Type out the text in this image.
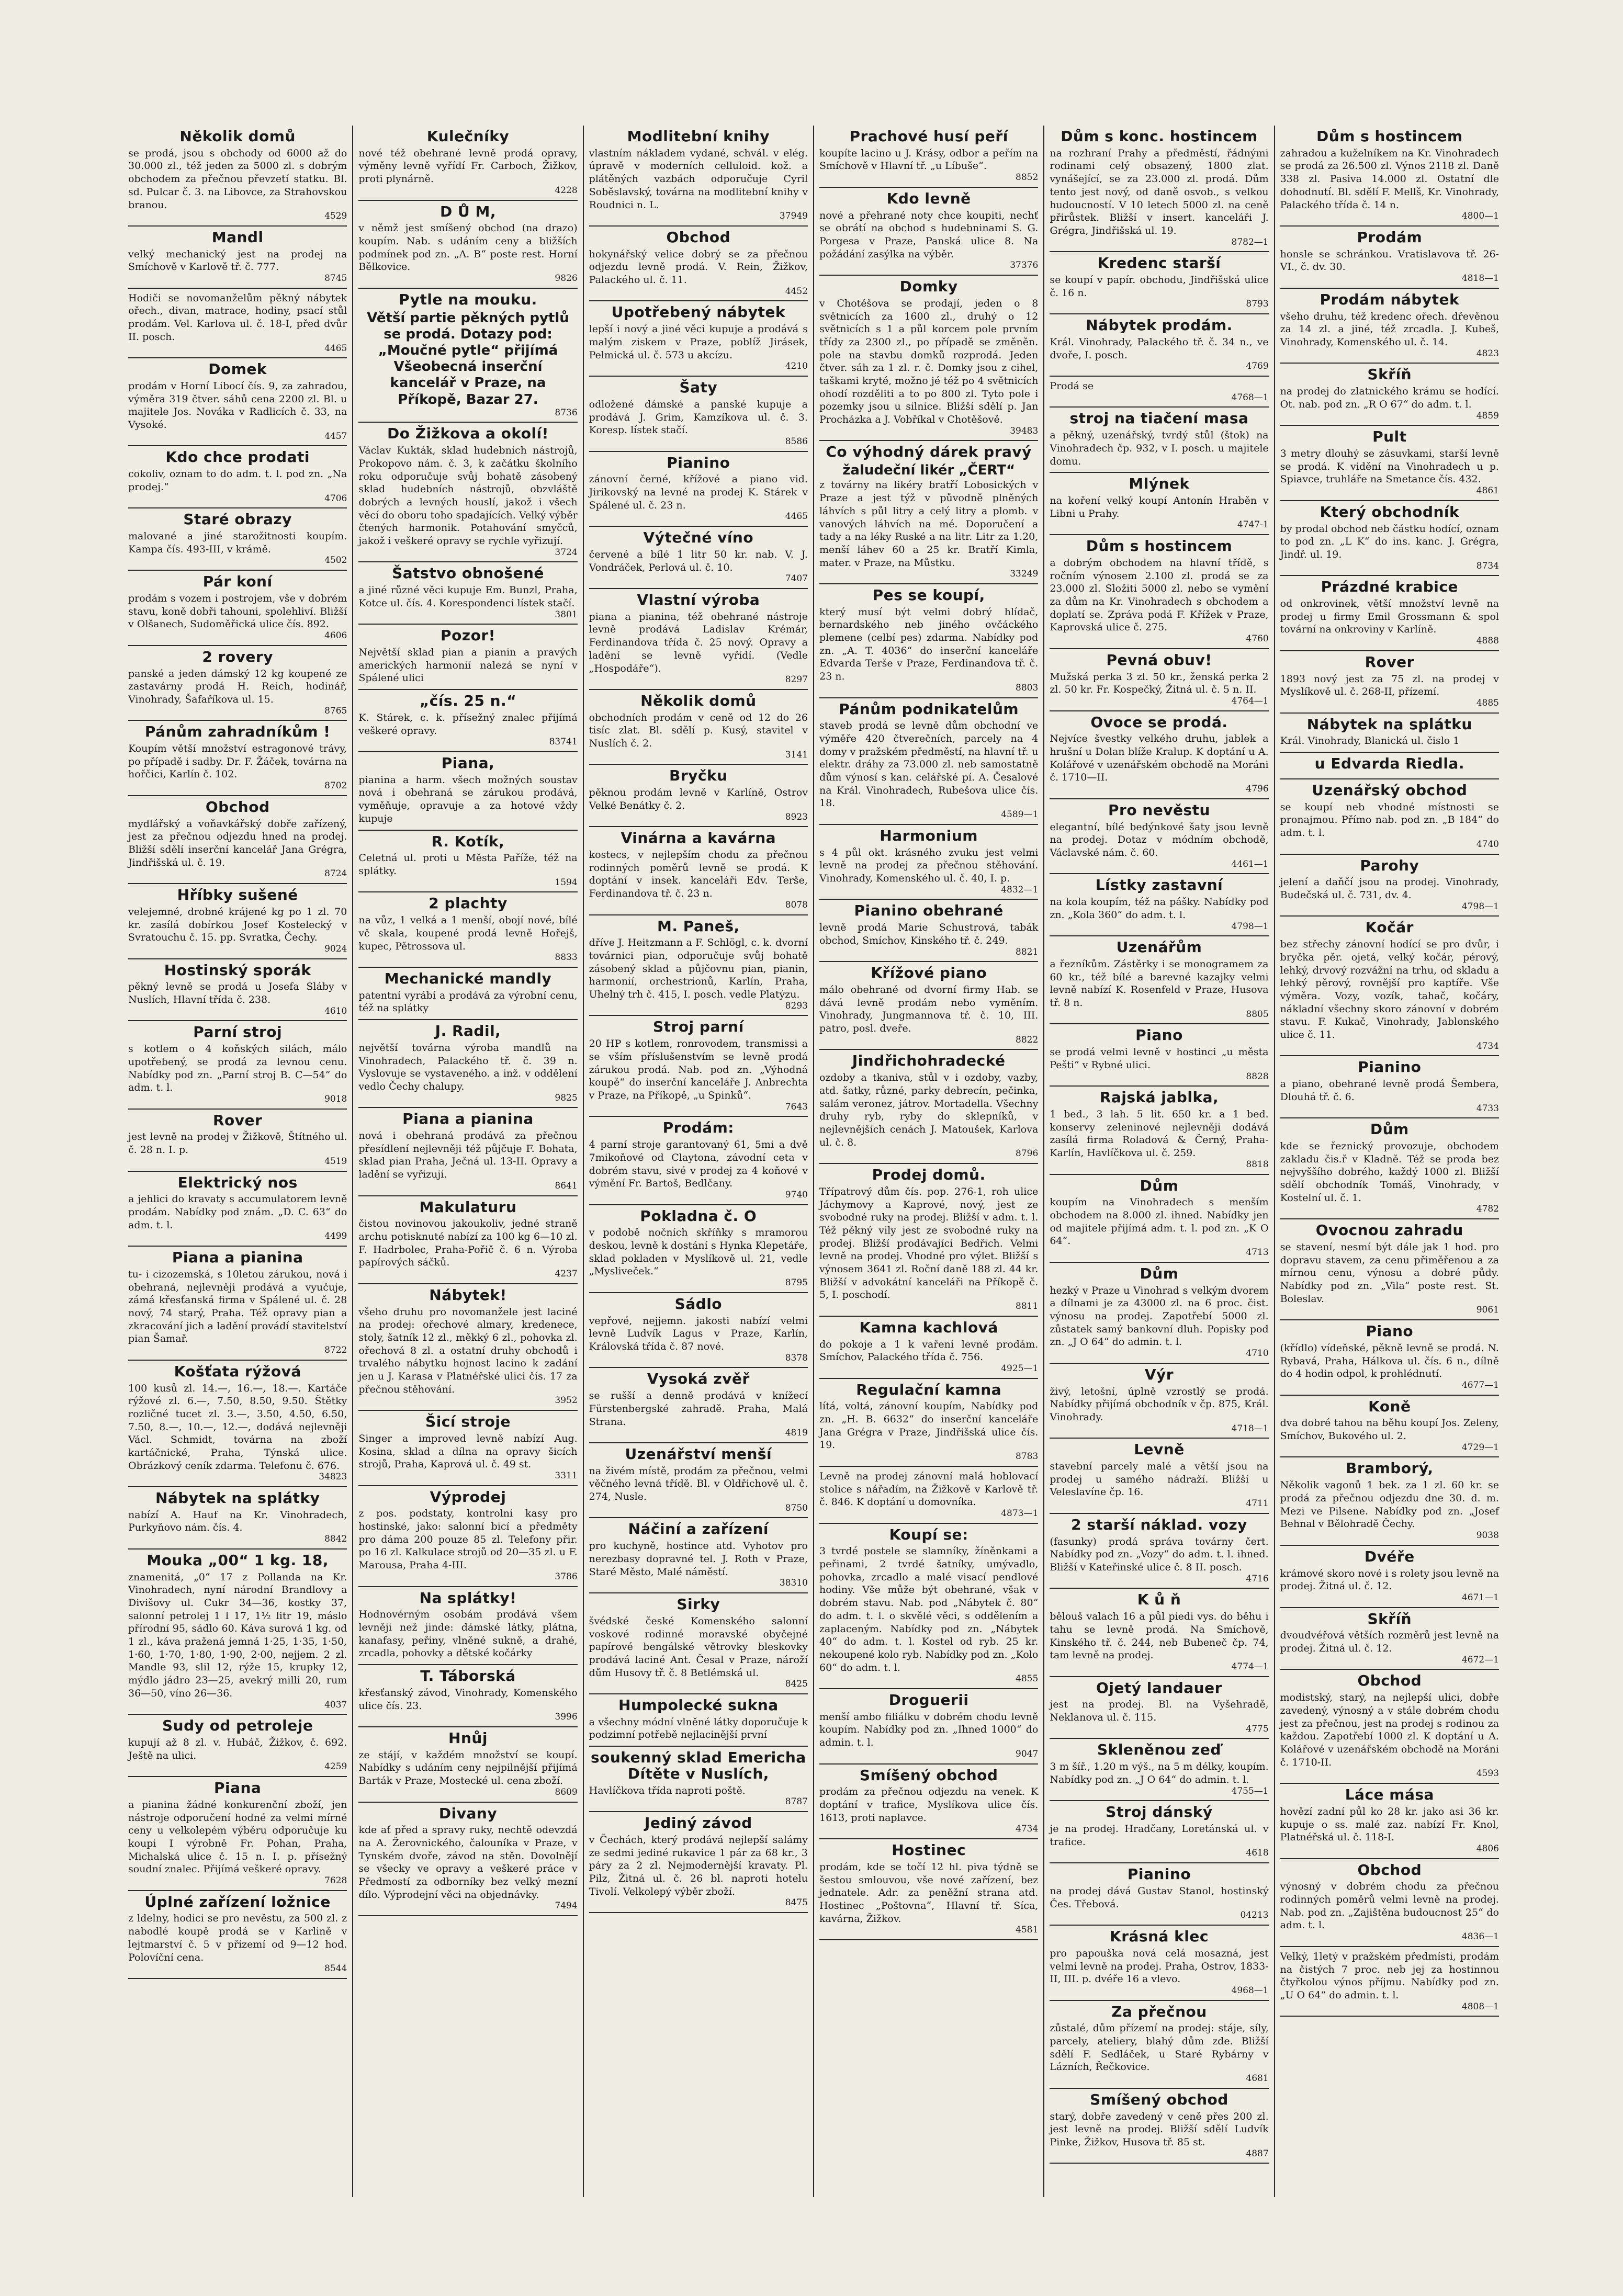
Několik domů

se prodá, jsou s obchody od 6000 až do 30.000 zl., též jeden za 5000 zl. s dobrým obchodem za přečnou převzetí statku. Bl. sd. Pulcar č. 3. na Libovce, za Strahovskou branou.

4529
Mandl

velký mechanický jest na prodej na Smíchově v Karlově tř. č. 777.

8745

Hodiči se novomanželům pěkný nábytek ořech., divan, matrace, hodiny, psací stůl prodám. Vel. Karlova ul. č. 18-I, před dvůr II. posch.

4465
Domek

prodám v Horní Libocí čís. 9, za zahradou, výměra 319 čtver. sáhů cena 2200 zl. Bl. u majitele Jos. Nováka v Radlicích č. 33, na Vysoké.

4457
Kdo chce prodati

cokoliv, oznam to do adm. t. l. pod zn. „Na prodej.“

4706
Staré obrazy

malované a jiné starožitnosti koupím. Kampa čís. 493-III, v krámě.

4502
Pár koní

prodám s vozem i postrojem, vše v dobrém stavu, koně dobři tahouni, spolehliví. Bližší v Olšanech, Sudoměřická ulice čís. 892.

4606
2 rovery

panské a jeden dámský 12 kg koupené ze zastavárny prodá H. Reich, hodinář, Vinohrady, Šafaříkova ul. 15.

8765
Pánům zahradníkům !

Koupím větší množství estragonové trávy, po případě i sadby. Dr. F. Žáček, továrna na hořčici, Karlín č. 102.

8702
Obchod

mydlářský a voňavkářský dobře zařízený, jest za přečnou odjezdu hned na prodej. Bližší sdělí inserční kancelář Jana Grégra, Jindřišská ul. č. 19.

8724
Hříbky sušené

velejemné, drobné krájené kg po 1 zl. 70 kr. zasílá dobírkou Josef Kostelecký v Svratouchu č. 15. pp. Svratka, Čechy.

9024
Hostinský sporák

pěkný levně se prodá u Josefa Sláby v Nuslích, Hlavní třída č. 238.

4610
Parní stroj

s kotlem o 4 koňských silách, málo upotřebený, se prodá za levnou cenu. Nabídky pod zn. „Parní stroj B. C—54“ do adm. t. l.

9018
Rover

jest levně na prodej v Žižkově, Štítného ul. č. 28 n. I. p.

4519
Elektrický nos

a jehlici do kravaty s accumulatorem levně prodám. Nabídky pod znám. „D. C. 63“ do adm. t. l.

4499
Piana a pianina

tu- i cizozemská, s 10letou zárukou, nová i obehraná, nejlevněji prodává a vyučuje, zámá křesťanská firma v Spálené ul. č. 28 nový, 74 starý, Praha. Též opravy pian a zkracování jich a ladění provádí stavitelství pian Šamař.

8722
Košťata rýžová

100 kusů zl. 14.—, 16.—, 18.—. Kartáče rýžové zl. 6.—, 7.50, 8.50, 9.50. Štětky rozličné tucet zl. 3.—, 3.50, 4.50, 6.50, 7.50, 8.—, 10.—, 12.—, dodává nejlevněji Václ. Schmidt, továrna na zboží kartáčnické, Praha, Týnská ulice. Obrázkový ceník zdarma. Telefonu č. 676.

34823
Nábytek na splátky

nabízí A. Hauf na Kr. Vinohradech, Purkyňovo nám. čís. 4.

8842
Mouka „00“ 1 kg. 18,

znamenitá, „0“ 17 z Pollanda na Kr. Vinohradech, nyní národní Brandlovy a Divišovy ul. Cukr 34—36, kostky 37, salonní petrolej 1 l 17, 1½ litr 19, máslo přírodní 95, sádlo 60. Káva surová 1 kg. od 1 zl., káva pražená jemná 1·25, 1·35, 1·50, 1·60, 1·70, 1·80, 1·90, 2·00, nejjem. 2 zl. Mandle 93, slil 12, rýže 15, krupky 12, mýdlo jádro 23—25, avekrý milli 20, rum 36—50, víno 26—36.

4037
Sudy od petroleje

kupují až 8 zl. v. Hubáč, Žižkov, č. 692. Ještě na ulici.

4259
Piana

a pianina žádné konkurenční zboží, jen nástroje odporučení hodné za velmi mírné ceny u velkolepém výběru odporučuje ku koupi I výrobně Fr. Pohan, Praha, Michalská ulice č. 15 n. I. p. přísežný soudní znalec. Přijímá veškeré opravy.

7628
Úplné zařízení ložnice

z ldelny, hodici se pro nevěstu, za 500 zl. z nabodlé koupě prodá se v Karlině v lejtmarství č. 5 v přízemí od 9—12 hod. Polovíční cena.

8544
Kulečníky

nové též obehrané levně prodá opravy, výměny levně vyřídí Fr. Carboch, Žižkov, proti plynárně.

4228
D Ů M,

v němž jest smíšený obchod (na drazo) koupím. Nab. s udáním ceny a bližších podmínek pod zn. „A. B“ poste rest. Horní Bělkovice.

9826
Pytle na mouku.

Větší partie pěkných pytlů se prodá. Dotazy pod: „Moučné pytle“ přijímá Všeobecná inserční kancelář v Praze, na Příkopě, Bazar 27.

8736
Do Žižkova a okolí!

Václav Kukták, sklad hudebních nástrojů, Prokopovo nám. č. 3, k začátku školního roku odporučuje svůj bohatě zásobený sklad hudebních nástrojů, obzvláště dobrých a levných houslí, jakož i všech věcí do oboru toho spadajících. Velký výběr čtených harmonik. Potahování smyčců, jakož i veškeré opravy se rychle vyřizují.

3724
Šatstvo obnošené

a jiné různé věci kupuje Em. Bunzl, Praha, Kotce ul. čís. 4. Korespondenci lístek stačí.

3801
Pozor!

Největší sklad pian a pianin a pravých amerických harmonií nalezá se nyní v Spálené ulici

„čís. 25 n.“

K. Stárek, c. k. přísežný znalec přijímá veškeré opravy.

83741
Piana,

pianina a harm. všech možných soustav nová i obehraná se zárukou prodává, vyměňuje, opravuje a za hotové vždy kupuje

R. Kotík,

Celetná ul. proti u Města Paříže, též na splátky.

1594
2 plachty

na vůz, 1 velká a 1 menší, obojí nové, bílé vč skala, koupené prodá levně Hořejš, kupec, Pětrossova ul.

8833
Mechanické mandly

patentní vyrábí a prodává za výrobní cenu, též na splátky

J. Radil,

největší továrna výroba mandlů na Vinohradech, Palackého tř. č. 39 n. Vyslovuje se vystaveného. a inž. v oddělení vedlo Čechy chalupy.

9825
Piana a pianina

nová i obehraná prodává za přečnou přesídlení nejlevněji též půjčuje F. Bohata, sklad pian Praha, Ječná ul. 13-II. Opravy a ladění se vyřizují.

8641
Makulaturu

čistou novinovou jakoukoliv, jedné straně archu potisknuté nabízí za 100 kg 6—10 zl. F. Hadrbolec, Praha-Pořič č. 6 n. Výroba papírových sáčků.

4237
Nábytek!

všeho druhu pro novomanžele jest laciné na prodej: ořechové almary, kredenece, stoly, šatník 12 zl., měkký 6 zl., pohovka zl. ořechová 8 zl. a ostatní druhy obchodů i trvalého nábytku hojnost lacino k zadání jen u J. Karasa v Platnéřské ulici čís. 17 za přečnou stěhování.

3952
Šicí stroje

Singer a improved levně nabízí Aug. Kosina, sklad a dílna na opravy šicích strojů, Praha, Kaprová ul. č. 49 st.

3311
Výprodej

z pos. podstaty, kontrolní kasy pro hostinské, jako: salonní bicí a předměty pro dáma 200 pouze 85 zl. Telefony přir. po 16 zl. Kalkulace strojů od 20—35 zl. u F. Marousa, Praha 4-III.

3786
Na splátky!

Hodnovérným osobám prodává všem levněji než jinde: dámské látky, plátna, kanafasy, peřiny, vlněné sukně, a drahé, zrcadla, pohovky a dětské kočárky

T. Táborská

křesťanský závod, Vinohrady, Komenského ulice čís. 23.

3996
Hnůj

ze stájí, v každém množství se koupí. Nabídky s udáním ceny nejpilnější přijímá Barták v Praze, Mostecké ul. cena zboží.

8609
Divany

kde ať před a spravy ruky, nechtě odevzdá na A. Žerovnického, čalouníka v Praze, v Tynském dvoře, závod na stěn. Dovolnějí se všecky ve opravy a veškeré práce v Předmostí za odborníky bez velký mezní dílo. Výprodejní věci na objednávky.

7494
Modlitební knihy

vlastním nákladem vydané, schvál. v elég. úpravě v moderních celluloid. kož. a plátěných vazbách odporučuje Cyril Soběslavský, továrna na modlitební knihy v Roudnici n. L.

37949
Obchod

hokynářský velice dobrý se za přečnou odjezdu levně prodá. V. Rein, Žižkov, Palackého ul. č. 11.

4452
Upotřebený nábytek

lepší i nový a jiné věci kupuje a prodává s malým ziskem v Praze, poblíž Jirásek, Pelmická ul. č. 573 u akcízu.

4210
Šaty

odložené dámské a panské kupuje a prodává J. Grim, Kamzíkova ul. č. 3. Koresp. lístek stačí.

8586
Pianino

zánovní černé, křížové a piano vid. Jirikovský na levné na prodej K. Stárek v Spálené ul. č. 23 n.

4465
Výtečné víno

červené a bílé 1 litr 50 kr. nab. V. J. Vondráček, Perlová ul. č. 10.

7407
Vlastní výroba

piana a pianina, též obehrané nástroje levně prodává Ladislav Krémár, Ferdinandova třída č. 25 nový. Opravy a ladění se levně vyřídí. (Vedle „Hospodáře“).

8297
Několik domů

obchodních prodám v ceně od 12 do 26 tisíc zlat. Bl. sdělí p. Kusý, stavitel v Nuslích č. 2.

3141
Bryčku

pěknou prodám levně v Karlíně, Ostrov Velké Benátky č. 2.

8923
Vinárna a kavárna

kostecs, v nejlepším chodu za přečnou rodinných poměrů levně se prodá. K doptání v insek. kanceláři Edv. Terše, Ferdinandova tř. č. 23 n.

8078
M. Paneš,

dříve J. Heitzmann a F. Schlögl, c. k. dvorní továrnici pian, odporučuje svůj bohatě zásobený sklad a půjčovnu pian, pianin, harmonií, orchestrionů, Karlín, Praha, Uhelný trh č. 415, I. posch. vedle Platýzu.

8293
Stroj parní

20 HP s kotlem, ronrovodem, transmissi a se vším příslušenstvím se levně prodá zárukou prodá. Nab. pod zn. „Výhodná koupě“ do inserční kanceláře J. Anbrechta v Praze, na Příkopě, „u Spinků“.

7643
Prodám:

4 parní stroje garantovaný 61, 5mi a dvě 7mikoňové od Claytona, závodní ceta v dobrém stavu, sivé v prodej za 4 koňové v výmění Fr. Bartoš, Bedlčany.

9740
Pokladna č. O

v podobě nočních skříňky s mramorou deskou, levně k dostání s Hynka Klepetáře, sklad pokladen v Myslíkově ul. 21, vedle „Mysliveček.“

8795
Sádlo

vepřové, nejjemn. jakosti nabízí velmi levně Ludvík Lagus v Praze, Karlín, Královská třída č. 87 nové.

8378
Vysoká zvěř

se rušší a denně prodává v knížecí Fürstenbergské zahradě. Praha, Malá Strana.

4819
Uzenářství menší

na živém místě, prodám za přečnou, velmi věčného levná třídě. Bl. v Oldřichově ul. č. 274, Nusle.

8750
Náčiní a zařízení

pro kuchyně, hostince atd. Vyhotov pro nerezbasy dopravné tel. J. Roth v Praze, Staré Město, Malé náměstí.

38310
Sirky

švédské české Komenského salonní voskové rodinné moravské obyčejné papírové bengálské větrovky bleskovky prodává laciné Ant. Česal v Praze, nároží dům Husovy tř. č. 8 Betlémská ul.

8425
Humpolecké sukna

a všechny módní vlněné látky doporučuje k podzimní potřebě nejlacinější první

soukenný sklad Emericha Dítěte v Nuslích,

Havlíčkova třída naproti poště.

8787
Jediný závod

v Čechách, který prodává nejlepší salámy ze sedmi jediné rukavice 1 pár za 68 kr., 3 páry za 2 zl. Nejmodernější kravaty. Pl. Pilz, Žitná ul. č. 26 bl. naproti hotelu Tivolí. Velkolepý výběr zboží.

8475
Prachové husí peří

koupíte lacino u J. Krásy, odbor a peřím na Smíchově v Hlavní tř. „u Líbuše“.

8852
Kdo levně

nové a přehrané noty chce koupiti, nechť se obrátí na obchod s hudebninami S. G. Porgesa v Praze, Panská ulice 8. Na požádání zasýlka na výběr.

37376
Domky

v Chotěšova se prodají, jeden o 8 světnicích za 1600 zl., druhý o 12 světnicích s 1 a půl korcem pole prvním třídy za 2300 zl., po případě se změněn. pole na stavbu domků rozprodá. Jeden čtver. sáh za 1 zl. r. č. Domky jsou z cihel, taškami kryté, možno jé též po 4 světnicích ohodí rozděliti a to po 800 zl. Tyto pole i pozemky jsou u silnice. Bližší sdělí p. Jan Procházka a J. Vobříkal v Chotěšově.

39483
Co výhodný dárek pravý

žaludeční likér „ČERT“

z továrny na likéry bratří Lobosických v Praze a jest týž v původně plněných láhvích s půl litry a celý litry a plomb. v vanových láhvích na mé. Doporučení a tady a na léky Ruské a na litr. Litr za 1.20, menší láhev 60 a 25 kr. Bratří Kimla, mater. v Praze, na Můstku.

33249
Pes se koupí,

který musí být velmi dobrý hlídač, bernardského neb jiného ovčáckého plemene (celbí pes) zdarma. Nabídky pod zn. „A. T. 4036“ do inserční kanceláře Edvarda Terše v Praze, Ferdinandova tř. č. 23 n.

8803
Pánům podnikatelům

staveb prodá se levně dům obchodní ve výměře 420 čtverečních, parcely na 4 domy v pražském předměstí, na hlavní tř. u elektr. dráhy za 73.000 zl. neb samostatně dům výnosí s kan. celářské pí. A. Česalové na Král. Vinohradech, Rubešova ulice čís. 18.

4589—1
Harmonium

s 4 půl okt. krásného zvuku jest velmi levně na prodej za přečnou stěhování. Vinohrady, Komenského ul. č. 40, I. p.

4832—1
Pianino obehrané

levně prodá Marie Schustrová, tabák obchod, Smíchov, Kinského tř. č. 249.

8821
Křížové piano

málo obehrané od dvorní firmy Hab. se dává levně prodám nebo vyměním. Vinohrady, Jungmannova tř. č. 10, III. patro, posl. dveře.

8822
Jindřichohradecké

ozdoby a tkaniva, stůl v i ozdoby, vazby, atd. šatky, různé, parky debrecín, pečinka, salám veronez, játrov. Mortadella. Všechny druhy ryb, ryby do sklepníků, v nejlevnějších cenách J. Matoušek, Karlova ul. č. 8.

8796
Prodej domů.

Třípatrový dům čís. pop. 276-1, roh ulice Jáchymovy a Kaprové, nový, jest ze svobodné ruky na prodej. Bližší v adm. t. l. Též pěkný vily jest ze svobodné ruky na prodej. Bližší prodávající Bedřich. Velmi levně na prodej. Vhodné pro výlet. Bližší s výnosem 3641 zl. Roční daně 188 zl. 44 kr. Bližší v advokátní kanceláři na Příkopě č. 5, I. poschodí.

8811
Kamna kachlová

do pokoje a 1 k vaření levně prodám. Smíchov, Palackého třída č. 756.

4925—1
Regulační kamna

lítá, voltá, zánovní koupím, Nabídky pod zn. „H. B. 6632“ do inserční kanceláře Jana Grégra v Praze, Jindřišská ulice čís. 19.

8783

Levně na prodej zánovní malá hoblovací stolice s nářadím, na Žižkově v Karlově tř. č. 846. K doptání u domovníka.

4873—1
Koupí se:

3 tvrdé postele se slamníky, žíněnkami a peřinami, 2 tvrdé šatníky, umývadlo, pohovka, zrcadlo a malé visací pendlové hodiny. Vše může být obehrané, však v dobrém stavu. Nab. pod „Nábytek č. 80“ do adm. t. l. o skvělé věci, s oddělením a zaplaceným. Nabídky pod zn. „Nábytek 40“ do adm. t. l. Kostel od ryb. 25 kr. nekoupené kolo ryb. Nabídky pod zn. „Kolo 60“ do adm. t. l.

4855
Droguerii

menší ambo filiálku v dobrém chodu levně koupím. Nabídky pod zn. „Ihned 1000“ do admin. t. l.

9047
Smíšený obchod

prodám za přečnou odjezdu na venek. K doptání v trafice, Myslíkova ulice čís. 1613, proti naplavce.

4734
Hostinec

prodám, kde se točí 12 hl. piva týdně se šestou smlouvou, vše nové zařízení, bez jednatele. Adr. za peněžní strana atd. Hostinec „Poštovna“, Hlavní tř. Síca, kavárna, Žižkov.

4581
Dům s konc. hostincem

na rozhraní Prahy a předměstí, řádnými rodinami celý obsazený, 1800 zlat. vynášející, se za 23.000 zl. prodá. Dům tento jest nový, od daně osvob., s velkou hudoucností. V 10 letech 5000 zl. na ceně přirůstek. Bližší v insert. kanceláři J. Grégra, Jindřišská ul. 19.

8782—1
Kredenc starší

se koupí v papír. obchodu, Jindřišská ulice č. 16 n.

8793
Nábytek prodám.

Král. Vinohrady, Palackého tř. č. 34 n., ve dvoře, I. posch.

4769

Prodá se

4768—1
stroj na tiačení masa

a pěkný, uzenářský, tvrdý stůl (štok) na Vinohradech čp. 932, v I. posch. u majitele domu.

Mlýnek

na koření velký koupí Antonín Hraběn v Libni u Prahy.

4747-1
Dům s hostincem

a dobrým obchodem na hlavní třídě, s ročním výnosem 2.100 zl. prodá se za 23.000 zl. Složiti 5000 zl. nebo se vymění za dům na Kr. Vinohradech s obchodem a doplatí se. Zpráva podá F. Křížek v Praze, Kaprovská ulice č. 275.

4760
Pevná obuv!

Mužská perka 3 zl. 50 kr., ženská perka 2 zl. 50 kr. Fr. Kospečký, Žitná ul. č. 5 n. II.

4764—1
Ovoce se prodá.

Nejvíce švestky velkého druhu, jablek a hrušní u Dolan blíže Kralup. K doptání u A. Kolářové v uzenářském obchodě na Moráni č. 1710—II.

4796
Pro nevěstu

elegantní, bílé bedýnkové šaty jsou levně na prodej. Dotaz v módním obchodě, Václavské nám. č. 60.

4461—1
Lístky zastavní

na kola koupím, též na pášky. Nabídky pod zn. „Kola 360“ do adm. t. l.

4798—1
Uzenářům

a řezníkům. Zástěrky i se monogramem za 60 kr., též bílé a barevné kazajky velmi levně nabízí K. Rosenfeld v Praze, Husova tř. 8 n.

8805
Piano

se prodá velmi levně v hostinci „u města Pešti“ v Rybné ulici.

8828
Rajská jablka,

1 bed., 3 lah. 5 lit. 650 kr. a 1 bed. konservy zeleninové nejlevněji dodává zasílá firma Roladová & Černý, Praha-Karlín, Havlíčkova ul. č. 259.

8818
Dům

koupím na Vinohradech s menším obchodem na 8.000 zl. ihned. Nabídky jen od majitele přijímá adm. t. l. pod zn. „K O 64“.

4713
Dům

hezký v Praze u Vinohrad s velkým dvorem a dílnami je za 43000 zl. na 6 proc. čist. výnosu na prodej. Zapotřebí 5000 zl. zůstatek samý bankovní dluh. Popisky pod zn. „J O 64“ do admin. t. l.

4710
Výr

živý, letošní, úplně vzrostlý se prodá. Nabídky přijímá obchodník v čp. 875, Král. Vinohrady.

4718—1
Levně

stavební parcely malé a větší jsou na prodej u samého nádraží. Bližší u Veleslavíne čp. 16.

4711
2 starší náklad. vozy

(fasunky) prodá správa továrny čert. Nabídky pod zn. „Vozy“ do adm. t. l. ihned. Bližší v Kateřinské ulice č. 8 II. posch.

4716
K ů ň

bělouš valach 16 a půl piedi vys. do běhu i tahu se levně prodá. Na Smíchově, Kinského tř. č. 244, neb Bubeneč čp. 74, tam levně na prodej.

4774—1
Ojetý landauer

jest na prodej. Bl. na Vyšehradě, Neklanova ul. č. 115.

4775
Skleněnou zeď

3 m šíř., 1.20 m výš., na 5 m délky, koupím. Nabídky pod zn. „J O 64“ do admin. t. l.

4755—1
Stroj dánský

je na prodej. Hradčany, Loretánská ul. v trafice.

4618
Pianino

na prodej dává Gustav Stanol, hostinský Čes. Třebová.

04213
Krásná klec

pro papouška nová celá mosazná, jest velmi levně na prodej. Praha, Ostrov, 1833-II, III. p. dvéře 16 a vlevo.

4968—1
Za přečnou

zůstalé, dům přízemí na prodej: stáje, síly, parcely, ateliery, blahý dům zde. Bližší sdělí F. Sedláček, u Staré Rybárny v Lázních, Řečkovice.

4681
Smíšený obchod

starý, dobře zavedený v ceně přes 200 zl. jest levně na prodej. Bližší sdělí Ludvík Pinke, Žižkov, Husova tř. 85 st.

4887
Dům s hostincem

zahradou a kuželníkem na Kr. Vinohradech se prodá za 26.500 zl. Výnos 2118 zl. Daně 338 zl. Pasiva 14.000 zl. Ostatní dle dohodnutí. Bl. sdělí F. Mellš, Kr. Vinohrady, Palackého třída č. 14 n.

4800—1
Prodám

honsle se schránkou. Vratislavova tř. 26-VI., č. dv. 30.

4818—1
Prodám nábytek

všeho druhu, též kredenc ořech. dřevěnou za 14 zl. a jiné, též zrcadla. J. Kubeš, Vinohrady, Komenského ul. č. 14.

4823
Skříň

na prodej do zlatnického krámu se hodící. Ot. nab. pod zn. „R O 67“ do adm. t. l.

4859
Pult

3 metry dlouhý se zásuvkami, starší levně se prodá. K vidění na Vinohradech u p. Spiavce, truhláře na Smetance čís. 432.

4861
Který obchodník

by prodal obchod neb částku hodící, oznam to pod zn. „L K“ do ins. kanc. J. Grégra, Jindř. ul. 19.

8734
Prázdné krabice

od onkrovinek, větší množství levně na prodej u firmy Emil Grossmann & spol tovární na onkroviny v Karlíně.

4888
Rover

1893 nový jest za 75 zl. na prodej v Myslíkově ul. č. 268-II, přízemí.

4885
Nábytek na splátku

Král. Vinohrady, Blanická ul. čislo 1

u Edvarda Riedla.
Uzenářský obchod

se koupí neb vhodné místnosti se pronajmou. Přímo nab. pod zn. „B 184“ do adm. t. l.

4740
Parohy

jelení a daňčí jsou na prodej. Vinohrady, Budečská ul. č. 731, dv. 4.

4798—1
Kočár

bez střechy zánovní hodící se pro dvůr, i bryčka pěr. ojetá, velký kočár, pérový, lehký, drvový rozvážní na trhu, od skladu a lehký pěrový, rovnější pro kaptíře. Vše výměra. Vozy, vozík, tahač, kočáry, nákladní všechny skoro zánovní v dobrém stavu. F. Kukač, Vinohrady, Jablonského ulice č. 11.

4734
Pianino

a piano, obehrané levně prodá Šembera, Dlouhá tř. č. 6.

4733
Dům

kde se řeznický provozuje, obchodem zakladu čis.ř v Kladně. Též se proda bez nejvyššího dobrého, každý 1000 zl. Bližší sdělí obchodník Tomáš, Vinohrady, v Kostelní ul. č. 1.

4782
Ovocnou zahradu

se stavení, nesmí být dále jak 1 hod. pro dopravu stavem, za cenu přiměřenou a za mírnou cenu, výnosu a dobré půdy. Nabídky pod zn. „Vila“ poste rest. St. Boleslav.

9061
Piano

(křídlo) vídeňské, pěkně levně se prodá. N. Rybavá, Praha, Hálkova ul. čís. 6 n., dílně do 4 hodin odpol, k prohlédnutí.

4677—1
Koně

dva dobré tahou na běhu koupí Jos. Zeleny, Smíchov, Bukového ul. 2.

4729—1
Bramborý,

Několik vagonů 1 bek. za 1 zl. 60 kr. se prodá za přečnou odjezdu dne 30. d. m. Mezi ve Pilsene. Nabídky pod zn. „Josef Behnal v Bělohradě Čechy.

9038
Dvéře

krámové skoro nové i s rolety jsou levně na prodej. Žitná ul. č. 12.

4671—1
Skříň

dvoudvéřová větších rozměrů jest levně na prodej. Žitná ul. č. 12.

4672—1
Obchod

modistský, starý, na nejlepší ulici, dobře zavedený, výnosný a v stále dobrém chodu jest za přečnou, jest na prodej s rodinou za každou. Zapotřebí 1000 zl. K doptání u A. Kolářové v uzenářském obchodě na Moráni č. 1710-II.

4593
Láce mása

hovězí zadní půl ko 28 kr. jako asi 36 kr. kupuje o ss. malé zaz. nabízí Fr. Knol, Platnéřská ul. č. 118-I.

4806
Obchod

výnosný v dobrém chodu za přečnou rodinných poměrů velmi levně na prodej. Nab. pod zn. „Zajištěna budoucnost 25“ do adm. t. l.

4836—1

Velký, 1letý v pražském předmísti, prodám na čistých 7 proc. neb jej za hostinnou čtyřkolou výnos příjmu. Nabídky pod zn. „U O 64“ do admin. t. l.

4808—1
